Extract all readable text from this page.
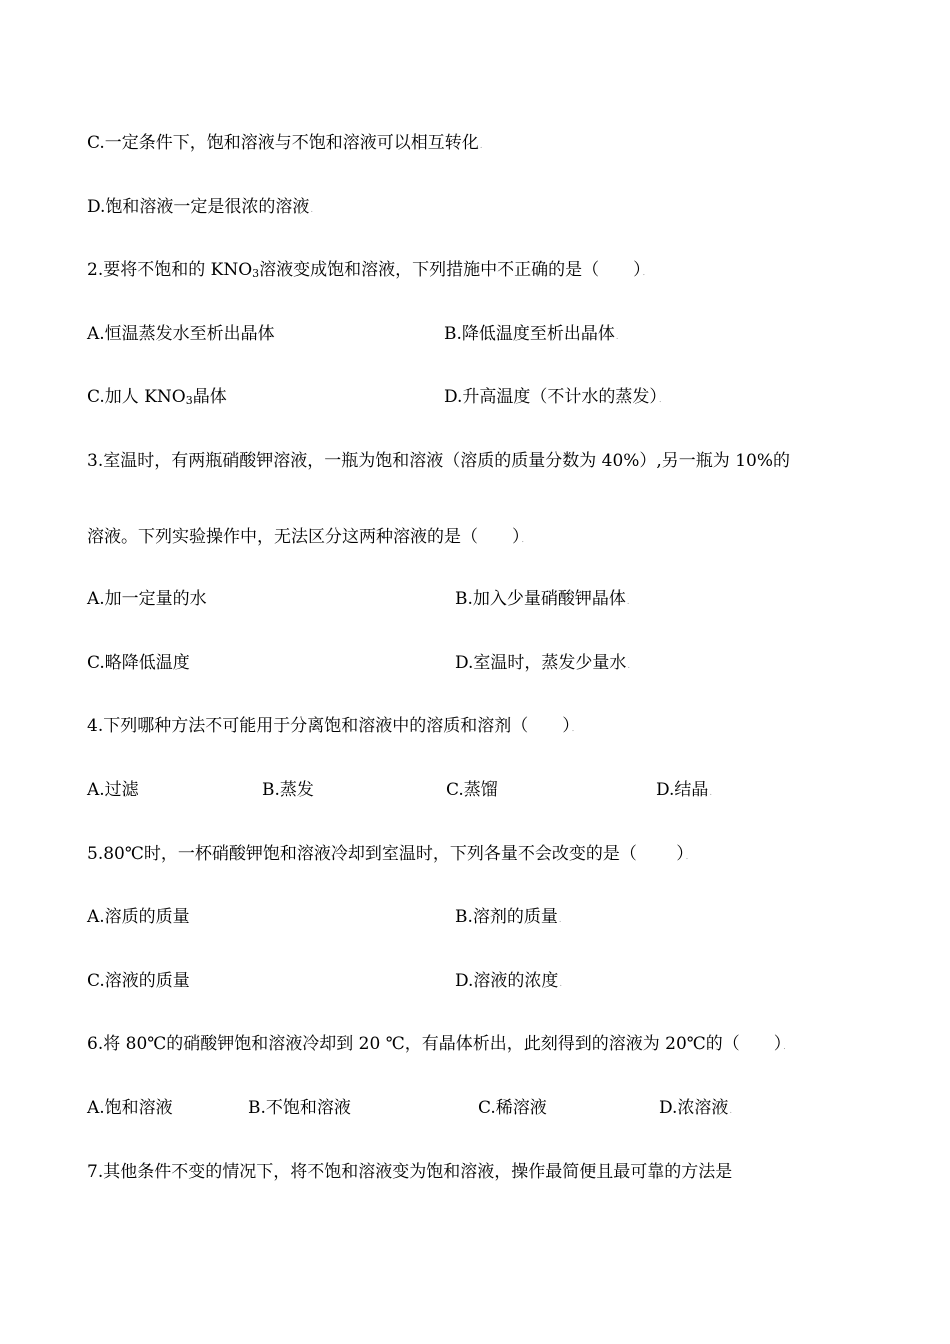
C.一定条件下，饱和溶液与不饱和溶液可以相互转化.
D.饱和溶液一定是很浓的溶液.
2.要将不饱和的 $KNO_3$溶液变成饱和溶液，下列措施中不正确的是（　　）．
A.恒温蒸发水至析出晶体	B.降低温度至析出晶体.
C.加人 $KNO_3$晶体	D.升高温度（不计水的蒸发）．
3.室温时，有两瓶硝酸钾溶液，一瓶为饱和溶液（溶质的质量分数为 40%）,另一瓶为 10%的
溶液。下列实验操作中，无法区分这两种溶液的是（　　）．
A.加一定量的水	B.加入少量硝酸钾晶体.
C.略降低温度	D.室温时，蒸发少量水.
4.下列哪种方法不可能用于分离饱和溶液中的溶质和溶剂（　　）．
A.过滤	B.蒸发	C.蒸馏	D.结晶.
5.80℃时，一杯硝酸钾饱和溶液冷却到室温时，下列各量不会改变的是（　　 ）．
A.溶质的质量	B.溶剂的质量.
C.溶液的质量	D.溶液的浓度.
6.将 80℃的硝酸钾饱和溶液冷却到 20 ℃，有晶体析出，此刻得到的溶液为 20℃的（　　）．
A.饱和溶液	B.不饱和溶液	C.稀溶液	D.浓溶液.
7.其他条件不变的情况下，将不饱和溶液变为饱和溶液，操作最简便且最可靠的方法是
